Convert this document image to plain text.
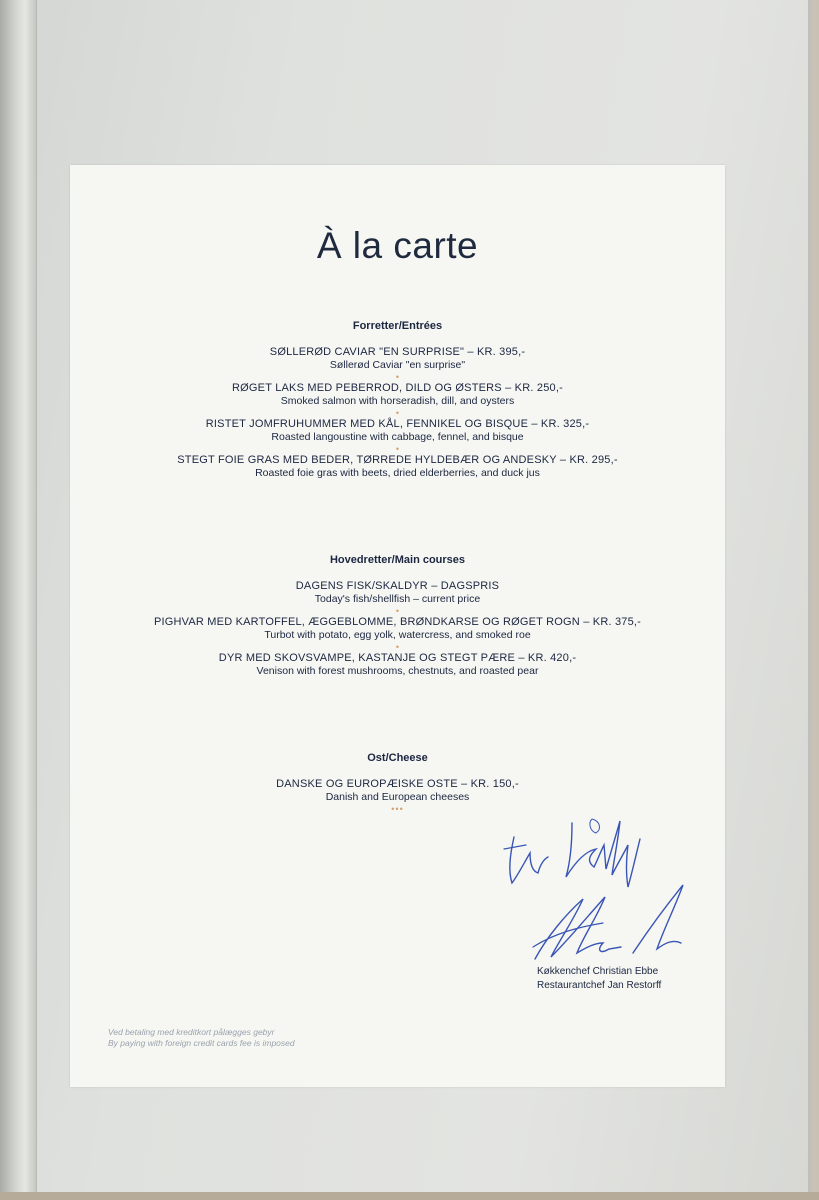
À la carte
Forretter/Entrées
SØLLERØD CAVIAR "EN SURPRISE" – KR. 395,-
Søllerød Caviar "en surprise"
•
RØGET LAKS MED PEBERROD, DILD OG ØSTERS – KR. 250,-
Smoked salmon with horseradish, dill, and oysters
•
RISTET JOMFRUHUMMER MED KÅL, FENNIKEL OG BISQUE – KR. 325,-
Roasted langoustine with cabbage, fennel, and bisque
•
STEGT FOIE GRAS MED BEDER, TØRREDE HYLDEBÆR OG ANDESKY – KR. 295,-
Roasted foie gras with beets, dried elderberries, and duck jus
Hovedretter/Main courses
DAGENS FISK/SKALDYR – DAGSPRIS
Today's fish/shellfish – current price
•
PIGHVAR MED KARTOFFEL, ÆGGEBLOMME, BRØNDKARSE OG RØGET ROGN – KR. 375,-
Turbot with potato, egg yolk, watercress, and smoked roe
•
DYR MED SKOVSVAMPE, KASTANJE OG STEGT PÆRE – KR. 420,-
Venison with forest mushrooms, chestnuts, and roasted pear
Ost/Cheese
DANSKE OG EUROPÆISKE OSTE – KR. 150,-
Danish and European cheeses
•••
Køkkenchef Christian Ebbe
Restaurantchef Jan Restorff
Ved betaling med kreditkort pålægges gebyr
By paying with foreign credit cards fee is imposed
